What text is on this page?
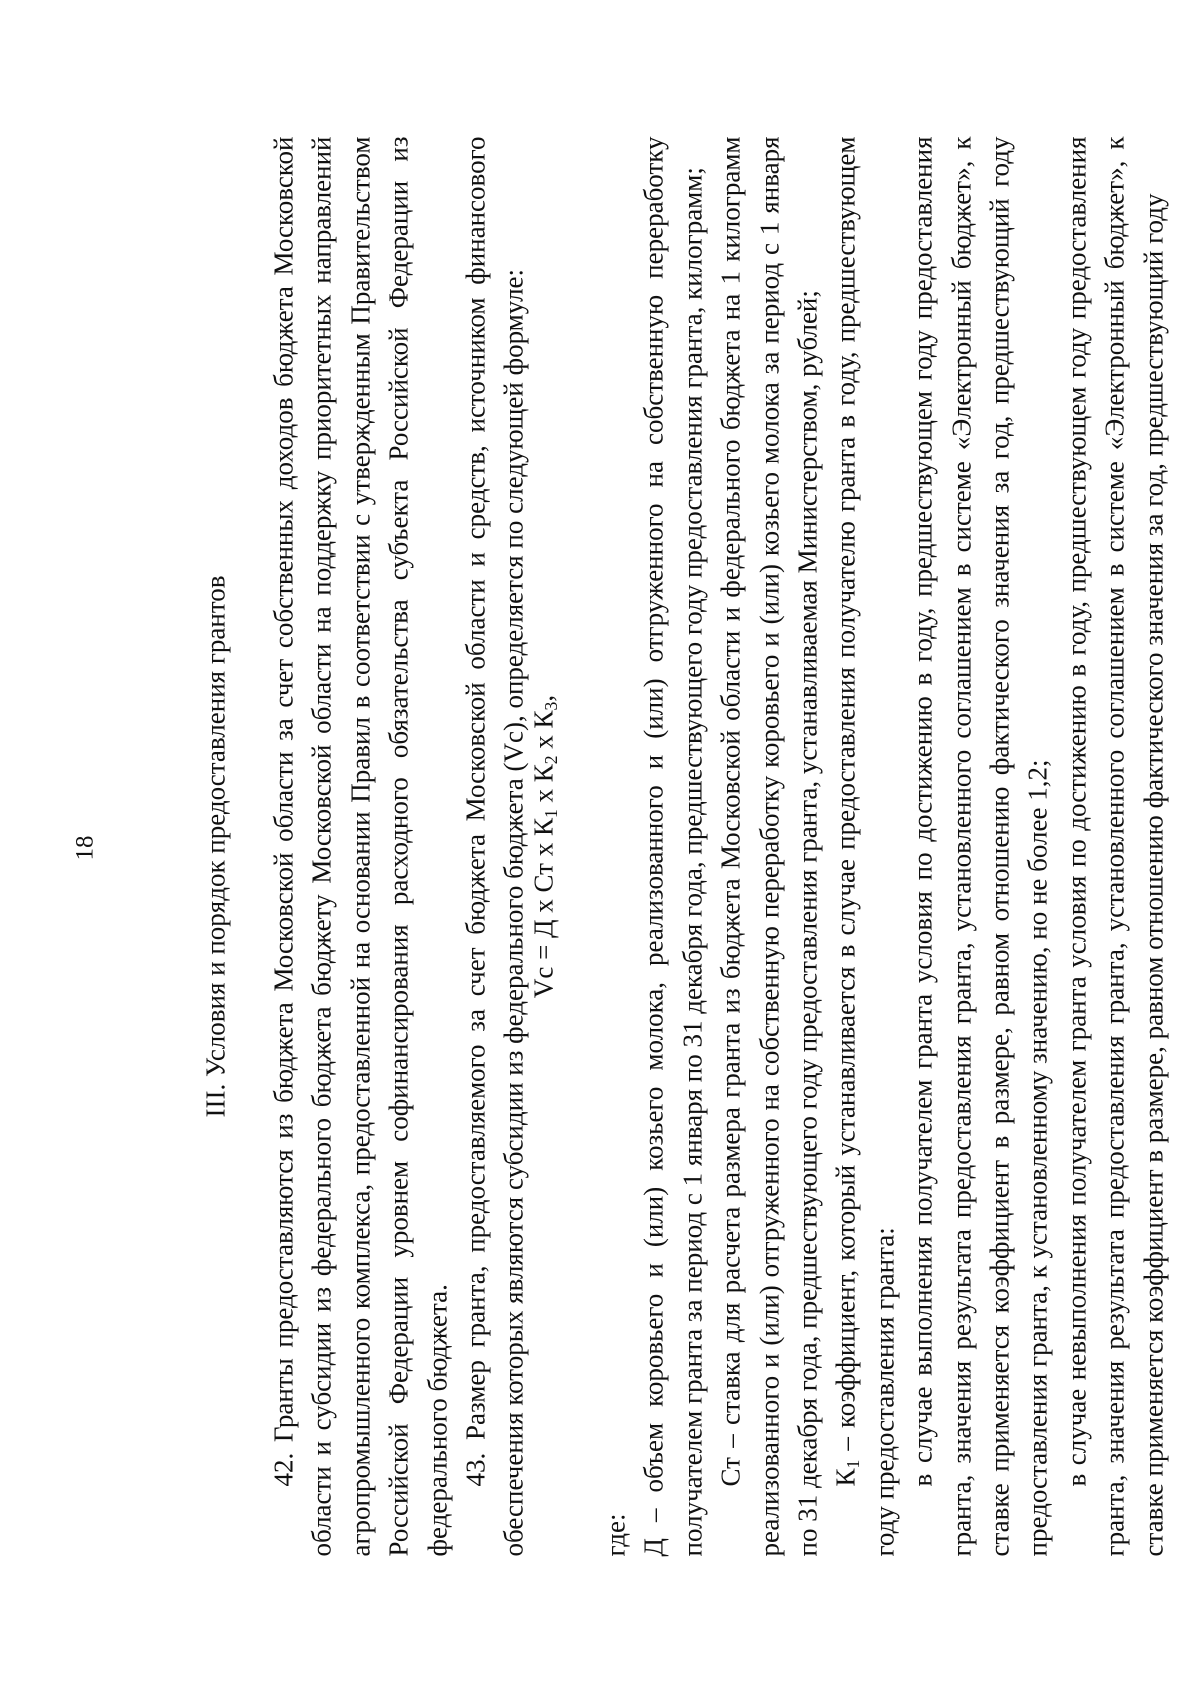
18	III. Условия и порядок предоставления грантов 42. Гранты предоставляются из бюджета Московской области за счет собственных доходов бюджета Московской области и субсидии из федерального бюджета бюджету Московской области на поддержку приоритетных направлений агропромышленного комплекса, предоставленной на основании Правил в соответствии с утвержденным Правительством Российской Федерации уровнем софинансирования расходного обязательства субъекта Российской Федерации из федерального бюджета. 43. Размер гранта, предоставляемого за счет бюджета Московской области и средств, источником финансового обеспечения которых являются субсидии из федерального бюджета (Vc), определяется по следующей формуле: Vc = Д x Ст x $К_1$ x $К_2$ x $К_3$,

где: Д – объем коровьего и (или) козьего молока, реализованного и (или) отгруженного на собственную переработку получателем гранта за период с 1 января по 31 декабря года, предшествующего году предоставления гранта, килограмм; Ст – ставка для расчета размера гранта из бюджета Московской области и федерального бюджета на 1 килограмм реализованного и (или) отгруженного на собственную переработку коровьего и (или) козьего молока за период с 1 января по 31 декабря года, предшествующего году предоставления гранта, устанавливаемая Министерством, рублей; $К_1$ – коэффициент, который устанавливается в случае предоставления получателю гранта в году, предшествующем году предоставления гранта: в случае выполнения получателем гранта условия по достижению в году, предшествующем году предоставления гранта, значения результата предоставления гранта, установленного соглашением в системе «Электронный бюджет», к ставке применяется коэффициент в размере, равном отношению фактического значения за год, предшествующий году предоставления гранта, к установленному значению, но не более 1,2; в случае невыполнения получателем гранта условия по достижению в году, предшествующем году предоставления гранта, значения результата предоставления гранта, установленного соглашением в системе «Электронный бюджет», к ставке применяется коэффициент в размере, равном отношению фактического значения за год, предшествующий году
